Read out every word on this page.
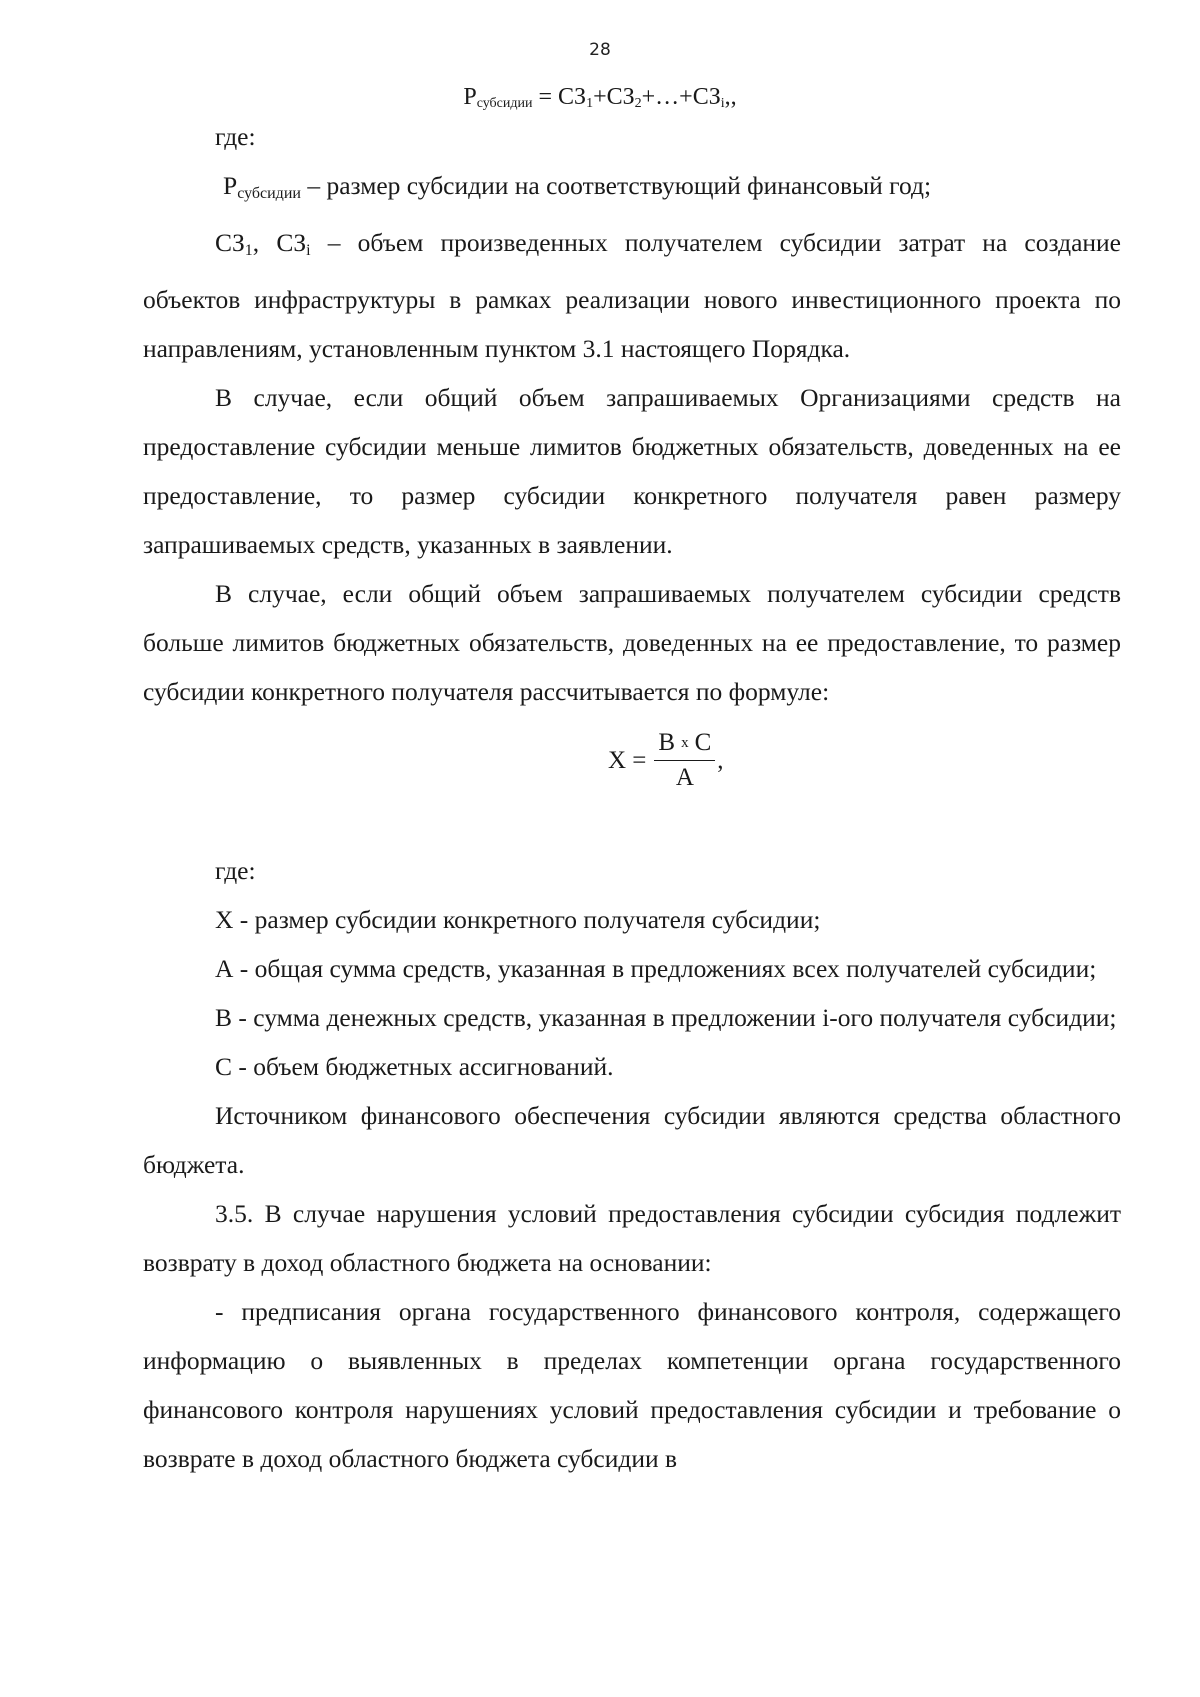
28
$Р_{субсидии}$ = $СЗ_1+СЗ_2+\dots+СЗ_i$,,

где:

$Р_{субсидии}$ – размер субсидии на соответствующий финансовый год;

$СЗ_1$, $СЗ_i$ – объем произведенных получателем субсидии затрат на создание объектов инфраструктуры в рамках реализации нового инвестиционного проекта по направлениям, установленным пунктом 3.1 настоящего Порядка.

В случае, если общий объем запрашиваемых Организациями средств на предоставление субсидии меньше лимитов бюджетных обязательств, доведенных на ее предоставление, то размер субсидии конкретного получателя равен размеру запрашиваемых средств, указанных в заявлении.

В случае, если общий объем запрашиваемых получателем субсидии средств больше лимитов бюджетных обязательств, доведенных на ее предоставление, то размер субсидии конкретного получателя рассчитывается по формуле:

$X = \frac{\text{B x C}}{A}$ ,

где:

X - размер субсидии конкретного получателя субсидии;

А - общая сумма средств, указанная в предложениях всех получателей субсидии;

В - сумма денежных средств, указанная в предложении i-ого получателя субсидии;

С - объем бюджетных ассигнований.

Источником финансового обеспечения субсидии являются средства областного бюджета.

3.5. В случае нарушения условий предоставления субсидии субсидия подлежит возврату в доход областного бюджета на основании:

- предписания органа государственного финансового контроля, содержащего информацию о выявленных в пределах компетенции органа государственного финансового контроля нарушениях условий предоставления субсидии и требование о возврате в доход областного бюджета субсидии в
